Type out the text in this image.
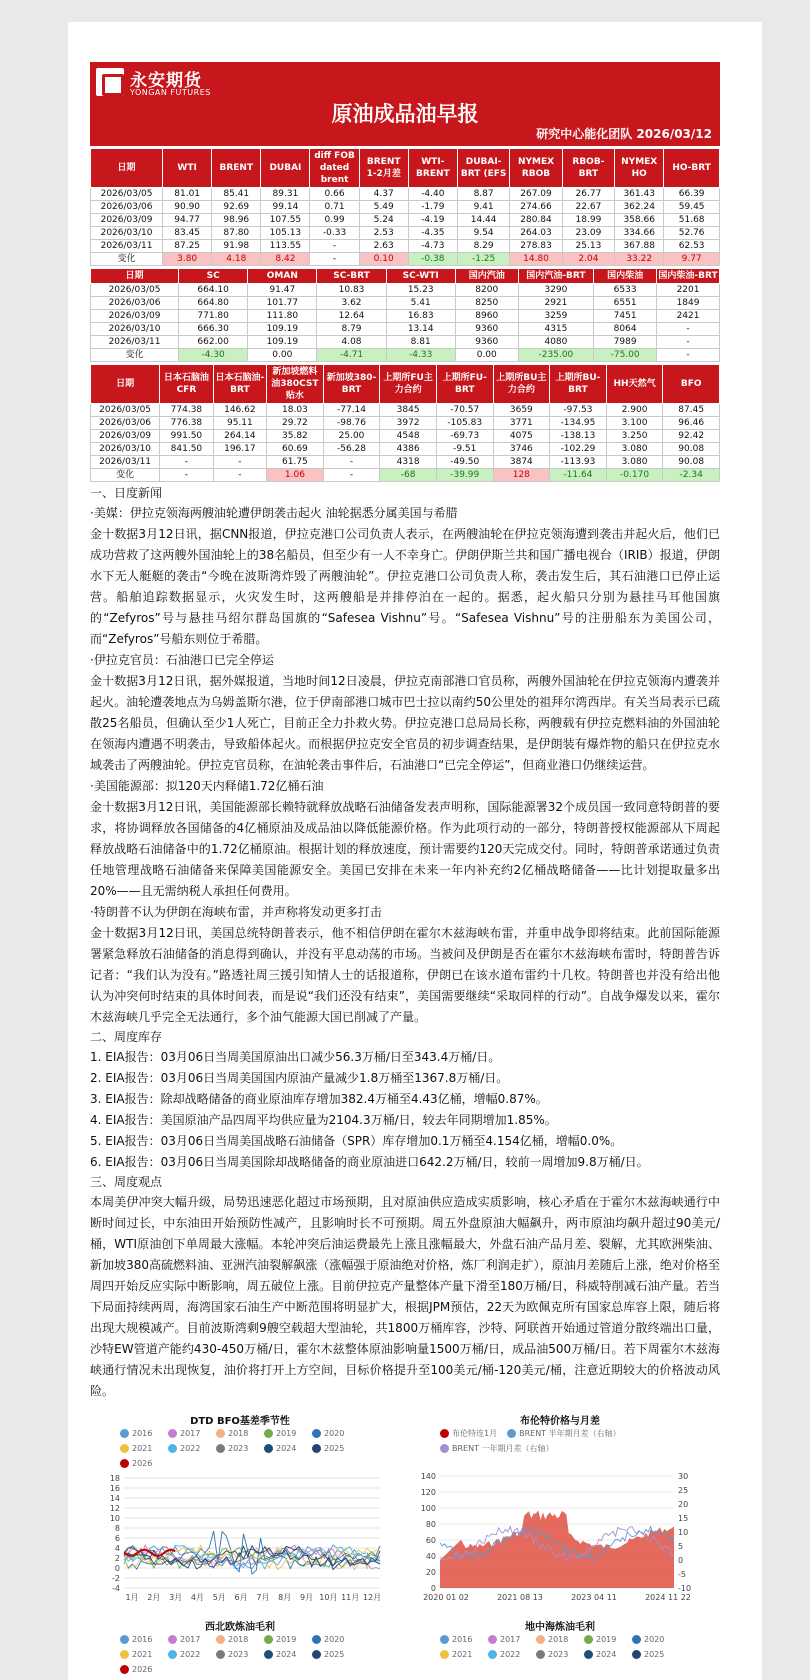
永安期货
YONGAN FUTURES
原油成品油早报
研究中心能化团队 2026/03/12
日期	WTI	BRENT	DUBAI	diff FOB dated brent	BRENT 1-2月差	WTI-BRENT	DUBAI-BRT (EFS	NYMEX RBOB	RBOB-BRT	NYMEX HO	HO-BRT
2026/03/05	81.01	85.41	89.31	0.66	4.37	-4.40	8.87	267.09	26.77	361.43	66.39
2026/03/06	90.90	92.69	99.14	0.71	5.49	-1.79	9.41	274.66	22.67	362.24	59.45
2026/03/09	94.77	98.96	107.55	0.99	5.24	-4.19	14.44	280.84	18.99	358.66	51.68
2026/03/10	83.45	87.80	105.13	-0.33	2.53	-4.35	9.54	264.03	23.09	334.66	52.76
2026/03/11	87.25	91.98	113.55	-	2.63	-4.73	8.29	278.83	25.13	367.88	62.53
变化	3.80	4.18	8.42	-	0.10	-0.38	-1.25	14.80	2.04	33.22	9.77
日期	SC	OMAN	SC-BRT	SC-WTI	国内汽油	国内汽油-BRT	国内柴油	国内柴油-BRT
2026/03/05	664.10	91.47	10.83	15.23	8200	3290	6533	2201
2026/03/06	664.80	101.77	3.62	5.41	8250	2921	6551	1849
2026/03/09	771.80	111.80	12.64	16.83	8960	3259	7451	2421
2026/03/10	666.30	109.19	8.79	13.14	9360	4315	8064	-
2026/03/11	662.00	109.19	4.08	8.81	9360	4080	7989	-
变化	-4.30	0.00	-4.71	-4.33	0.00	-235.00	-75.00	-
日期	日本石脑油CFR	日本石脑油-BRT	新加坡燃料油380CST贴水	新加坡380-BRT	上期所FU主力合约	上期所FU-BRT	上期所BU主力合约	上期所BU-BRT	HH天然气	BFO
2026/03/05	774.38	146.62	18.03	-77.14	3845	-70.57	3659	-97.53	2.900	87.45
2026/03/06	776.38	95.11	29.72	-98.76	3972	-105.83	3771	-134.95	3.100	96.46
2026/03/09	991.50	264.14	35.82	25.00	4548	-69.73	4075	-138.13	3.250	92.42
2026/03/10	841.50	196.17	60.69	-56.28	4386	-9.51	3746	-102.29	3.080	90.08
2026/03/11	-	-	61.75	-	4318	-49.50	3874	-113.93	3.080	90.08
变化	-	-	1.06	-	-68	-39.99	128	-11.64	-0.170	-2.34
一、日度新闻
·美媒：伊拉克领海两艘油轮遭伊朗袭击起火 油轮据悉分属美国与希腊
金十数据3月12日讯，据CNN报道，伊拉克港口公司负责人表示，在两艘油轮在伊拉克领海遭到袭击并起火后，他们已成功营救了这两艘外国油轮上的38名船员，但至少有一人不幸身亡。伊朗伊斯兰共和国广播电视台（IRIB）报道，伊朗水下无人艇艇的袭击“今晚在波斯湾炸毁了两艘油轮”。伊拉克港口公司负责人称，袭击发生后，其石油港口已停止运营。船舶追踪数据显示，火灾发生时，这两艘船是并排停泊在一起的。据悉，起火船只分别为悬挂马耳他国旗的“Zefyros”号与悬挂马绍尔群岛国旗的“Safesea Vishnu”号。“Safesea Vishnu”号的注册船东为美国公司，而“Zefyros”号船东则位于希腊。
·伊拉克官员：石油港口已完全停运
金十数据3月12日讯，据外媒报道，当地时间12日凌晨，伊拉克南部港口官员称，两艘外国油轮在伊拉克领海内遭袭并起火。油轮遭袭地点为乌姆盖斯尔港，位于伊南部港口城市巴士拉以南约50公里处的祖拜尔湾西岸。有关当局表示已疏散25名船员，但确认至少1人死亡，目前正全力扑救火势。伊拉克港口总局局长称，两艘载有伊拉克燃料油的外国油轮在领海内遭遇不明袭击，导致船体起火。而根据伊拉克安全官员的初步调查结果，是伊朗装有爆炸物的船只在伊拉克水域袭击了两艘油轮。伊拉克官员称，在油轮袭击事件后，石油港口“已完全停运”，但商业港口仍继续运营。
·美国能源部：拟120天内释储1.72亿桶石油
金十数据3月12日讯，美国能源部长赖特就释放战略石油储备发表声明称，国际能源署32个成员国一致同意特朗普的要求，将协调释放各国储备的4亿桶原油及成品油以降低能源价格。作为此项行动的一部分，特朗普授权能源部从下周起释放战略石油储备中的1.72亿桶原油。根据计划的释放速度，预计需要约120天完成交付。同时，特朗普承诺通过负责任地管理战略石油储备来保障美国能源安全。美国已安排在未来一年内补充约2亿桶战略储备——比计划提取量多出20%——且无需纳税人承担任何费用。
·特朗普不认为伊朗在海峡布雷，并声称将发动更多打击
金十数据3月12日讯，美国总统特朗普表示，他不相信伊朗在霍尔木兹海峡布雷，并重申战争即将结束。此前国际能源署紧急释放石油储备的消息得到确认，并没有平息动荡的市场。当被问及伊朗是否在霍尔木兹海峡布雷时，特朗普告诉记者：“我们认为没有。”路透社周三援引知情人士的话报道称，伊朗已在该水道布雷约十几枚。特朗普也并没有给出他认为冲突何时结束的具体时间表，而是说“我们还没有结束”，美国需要继续“采取同样的行动”。自战争爆发以来，霍尔木兹海峡几乎完全无法通行，多个油气能源大国已削减了产量。
二、周度库存
1. EIA报告：03月06日当周美国原油出口减少56.3万桶/日至343.4万桶/日。
2. EIA报告：03月06日当周美国国内原油产量减少1.8万桶至1367.8万桶/日。
3. EIA报告：除却战略储备的商业原油库存增加382.4万桶至4.43亿桶，增幅0.87%。
4. EIA报告：美国原油产品四周平均供应量为2104.3万桶/日，较去年同期增加1.85%。
5. EIA报告：03月06日当周美国战略石油储备（SPR）库存增加0.1万桶至4.154亿桶，增幅0.0%。
6. EIA报告：03月06日当周美国除却战略储备的商业原油进口642.2万桶/日，较前一周增加9.8万桶/日。
三、周度观点
本周美伊冲突大幅升级，局势迅速恶化超过市场预期，且对原油供应造成实质影响，核心矛盾在于霍尔木兹海峡通行中断时间过长，中东油田开始预防性减产，且影响时长不可预期。周五外盘原油大幅飙升，两市原油均飙升超过90美元/桶，WTI原油创下单周最大涨幅。本轮冲突后油运费最先上涨且涨幅最大，外盘石油产品月差、裂解，尤其欧洲柴油、新加坡380高硫燃料油、亚洲汽油裂解飙涨（涨幅强于原油绝对价格，炼厂利润走扩），原油月差随后上涨，绝对价格至周四开始反应实际中断影响，周五破位上涨。目前伊拉克产量整体产量下滑至180万桶/日，科威特削减石油产量。若当下局面持续两周，海湾国家石油生产中断范围将明显扩大，根据JPM预估，22天为欧佩克所有国家总库容上限，随后将出现大规模减产。目前波斯湾剩9艘空载超大型油轮，共1800万桶库容，沙特、阿联酋开始通过管道分散终端出口量，沙特EW管道产能约430-450万桶/日，霍尔木兹整体原油影响量1500万桶/日，成品油500万桶/日。若下周霍尔木兹海峡通行情况未出现恢复，油价将打开上方空间，目标价格提升至100美元/桶-120美元/桶，注意近期较大的价格波动风险。
DTD BFO基差季节性
2016	2017	2018	2019	2020
2021	2022	2023	2024	2025
2026
18
16
14
12
10
8
6
4
2
0
-2
-4
1月 2月 3月 4月 5月 6月 7月 8月 9月 10月 11月 12月
布伦特价格与月差
布伦特连1月	BRENT 半年期月差（右轴）
BRENT 一年期月差（右轴）
140
120
100
80
60
40
20
0
30
25
20
15
10
5
0
-5
-10
2020 01 02	2021 08 13	2023 04 11	2024 11 22
西北欧炼油毛利
2016	2017	2018	2019	2020
2021	2022	2023	2024	2025
2026
地中海炼油毛利
2016	2017	2018	2019	2020
2021	2022	2023	2024	2025
